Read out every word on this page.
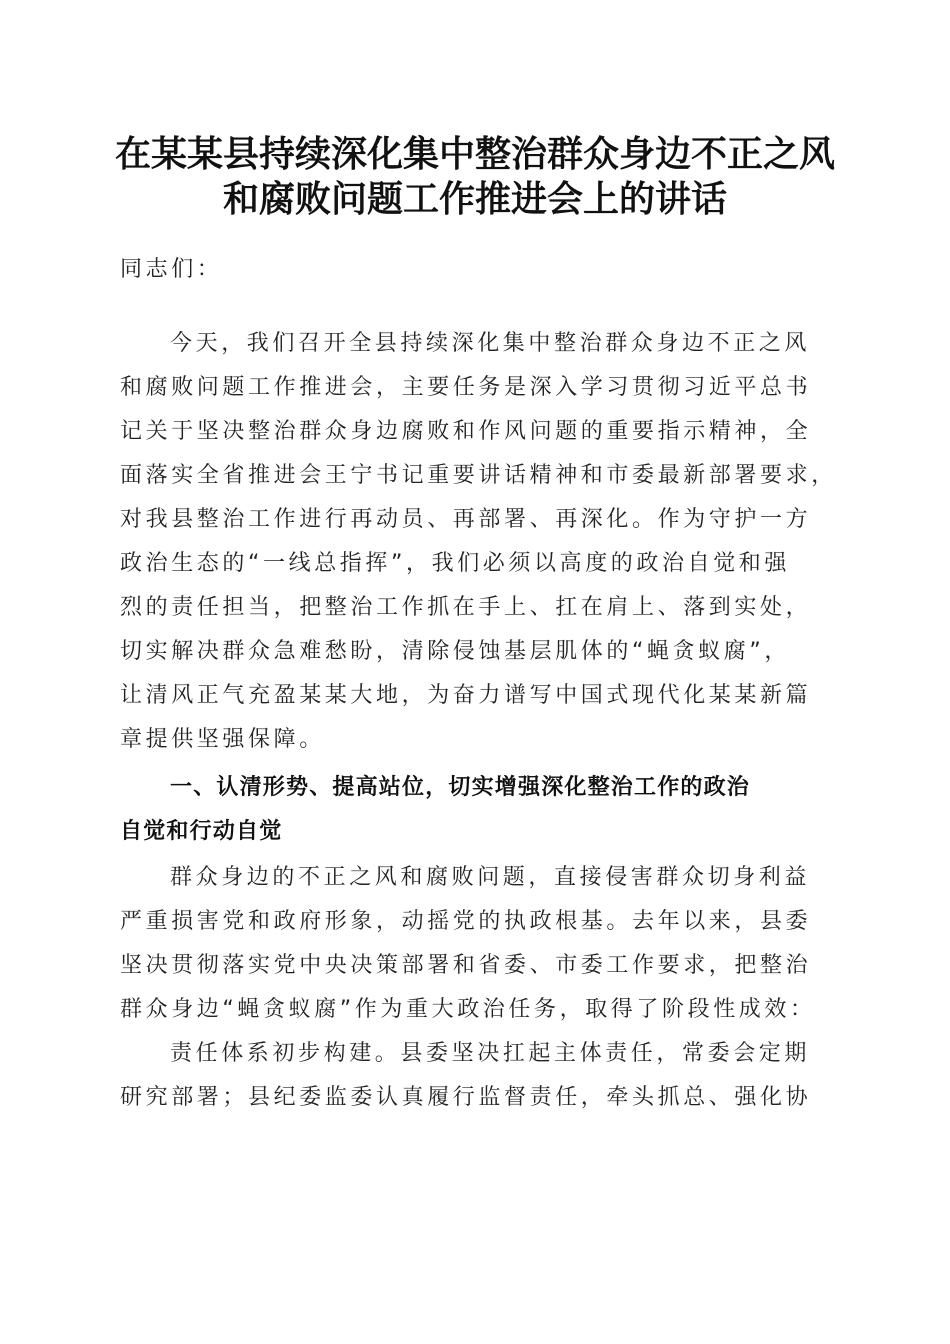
在某某县持续深化集中整治群众身边不正之风
和腐败问题工作推进会上的讲话

同志们：

今天，我们召开全县持续深化集中整治群众身边不正之风
和腐败问题工作推进会，主要任务是深入学习贯彻习近平总书
记关于坚决整治群众身边腐败和作风问题的重要指示精神，全
面落实全省推进会王宁书记重要讲话精神和市委最新部署要求，
对我县整治工作进行再动员、再部署、再深化。作为守护一方
政治生态的“一线总指挥”，我们必须以高度的政治自觉和强
烈的责任担当，把整治工作抓在手上、扛在肩上、落到实处，
切实解决群众急难愁盼，清除侵蚀基层肌体的“蝇贪蚁腐”，
让清风正气充盈某某大地，为奋力谱写中国式现代化某某新篇
章提供坚强保障。
一、认清形势、提高站位，切实增强深化整治工作的政治
自觉和行动自觉
群众身边的不正之风和腐败问题，直接侵害群众切身利益
严重损害党和政府形象，动摇党的执政根基。去年以来，县委
坚决贯彻落实党中央决策部署和省委、市委工作要求，把整治
群众身边“蝇贪蚁腐”作为重大政治任务，取得了阶段性成效：
责任体系初步构建。县委坚决扛起主体责任，常委会定期
研究部署；县纪委监委认真履行监督责任，牵头抓总、强化协
